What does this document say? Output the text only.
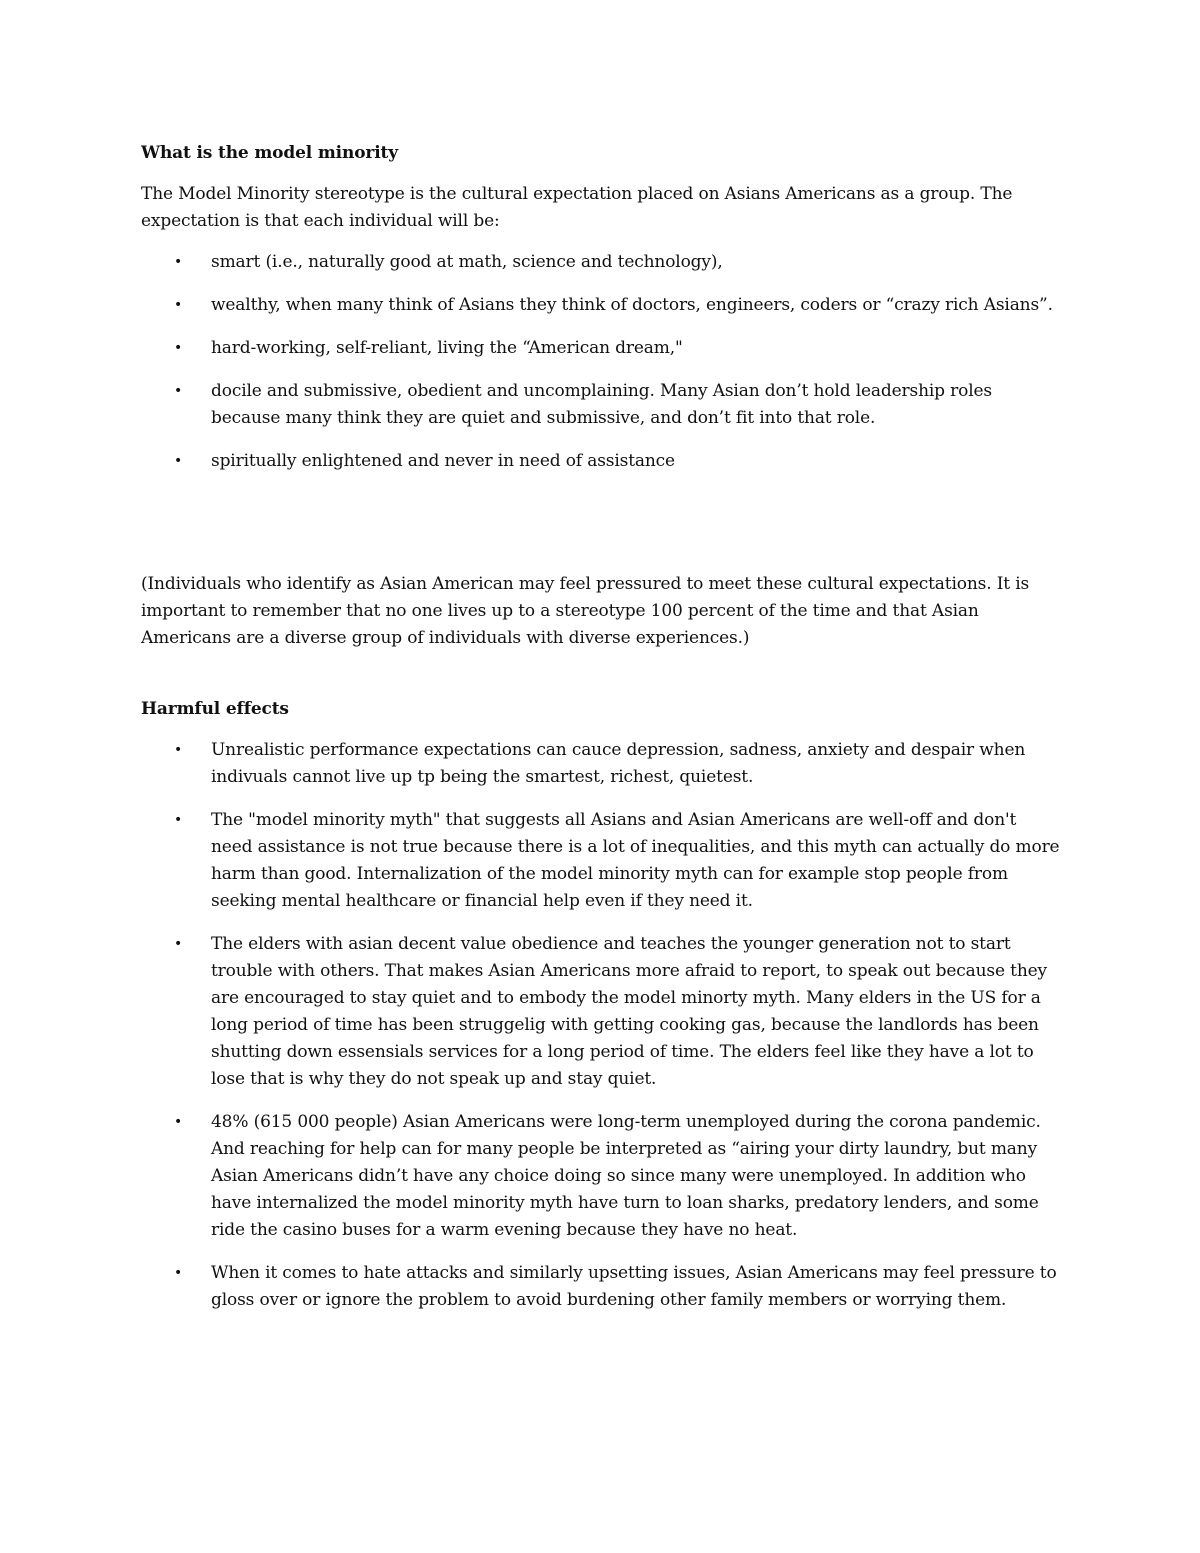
What is the model minority
The Model Minority stereotype is the cultural expectation placed on Asians Americans as a group. The expectation is that each individual will be:
• smart (i.e., naturally good at math, science and technology),
• wealthy, when many think of Asians they think of doctors, engineers, coders or “crazy rich Asians”.
• hard-working, self-reliant, living the “American dream,"
• docile and submissive, obedient and uncomplaining. Many Asian don’t hold leadership roles because many think they are quiet and submissive, and don’t fit into that role.
• spiritually enlightened and never in need of assistance
(Individuals who identify as Asian American may feel pressured to meet these cultural expectations. It is important to remember that no one lives up to a stereotype 100 percent of the time and that Asian Americans are a diverse group of individuals with diverse experiences.)
Harmful effects
• Unrealistic performance expectations can cauce depression, sadness, anxiety and despair when indivuals cannot live up tp being the smartest, richest, quietest.
• The "model minority myth" that suggests all Asians and Asian Americans are well-off and don't need assistance is not true because there is a lot of inequalities, and this myth can actually do more harm than good. Internalization of the model minority myth can for example stop people from seeking mental healthcare or financial help even if they need it.
• The elders with asian decent value obedience and teaches the younger generation not to start trouble with others. That makes Asian Americans more afraid to report, to speak out because they are encouraged to stay quiet and to embody the model minorty myth. Many elders in the US for a long period of time has been struggelig with getting cooking gas, because the landlords has been shutting down essensials services for a long period of time. The elders feel like they have a lot to lose that is why they do not speak up and stay quiet.
• 48% (615 000 people) Asian Americans were long-term unemployed during the corona pandemic. And reaching for help can for many people be interpreted as “airing your dirty laundry, but many Asian Americans didn’t have any choice doing so since many were unemployed. In addition who have internalized the model minority myth have turn to loan sharks, predatory lenders, and some ride the casino buses for a warm evening because they have no heat.
• When it comes to hate attacks and similarly upsetting issues, Asian Americans may feel pressure to gloss over or ignore the problem to avoid burdening other family members or worrying them.
